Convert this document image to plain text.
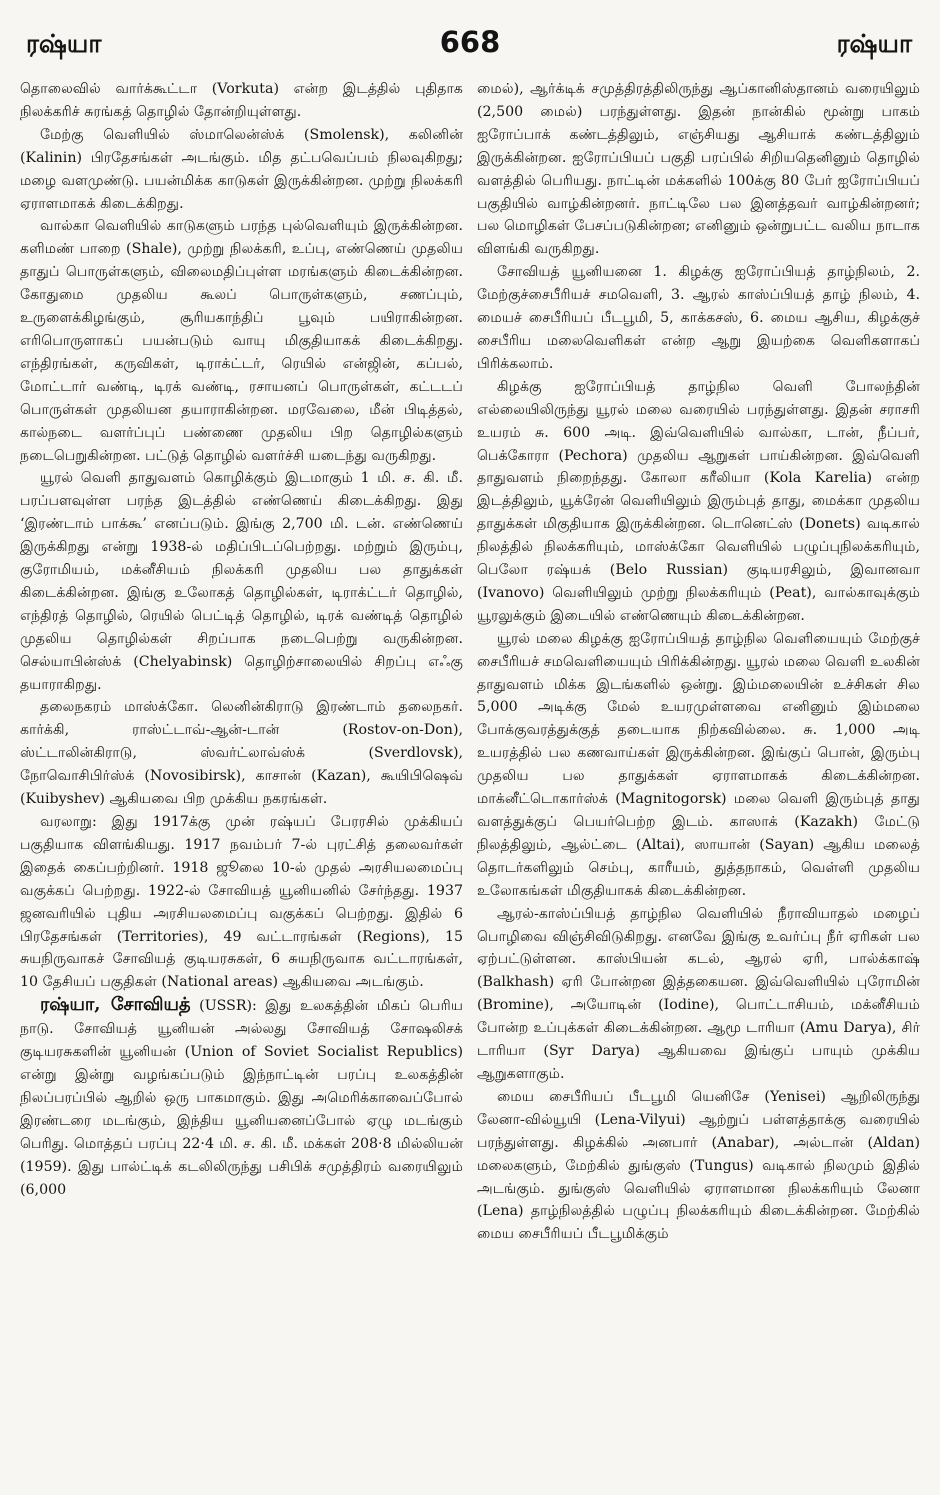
ரஷ்யா	668	ரஷ்யா

தொலைவில் வார்க்கூட்டா (Vorkuta) என்ற இடத்தில் புதிதாக நிலக்கரிச் சுரங்கத் தொழில் தோன்றியுள்ளது.

மேற்கு வெளியில் ஸ்மாலென்ஸ்க் (Smolensk), கலினின் (Kalinin) பிரதேசங்கள் அடங்கும். மித தட்பவெப்பம் நிலவுகிறது; மழை வளமுண்டு. பயன்மிக்க காடுகள் இருக்கின்றன. முற்று நிலக்கரி ஏராளமாகக் கிடைக்கிறது.

வால்கா வெளியில் காடுகளும் பரந்த புல்வெளியும் இருக்கின்றன. களிமண் பாறை (Shale), முற்று நிலக்கரி, உப்பு, எண்ணெய் முதலிய தாதுப் பொருள்களும், விலைமதிப்புள்ள மரங்களும் கிடைக்கின்றன. கோதுமை முதலிய கூலப் பொருள்களும், சணப்பும், உருளைக்கிழங்கும், சூரியகாந்திப் பூவும் பயிராகின்றன. எரிபொருளாகப் பயன்படும் வாயு மிகுதியாகக் கிடைக்கிறது. எந்திரங்கள், கருவிகள், டிராக்ட்டர், ரெயில் என்ஜின், கப்பல், மோட்டார் வண்டி, டிரக் வண்டி, ரசாயனப் பொருள்கள், கட்டடப் பொருள்கள் முதலியன தயாராகின்றன. மரவேலை, மீன் பிடித்தல், கால்நடை வளர்ப்புப் பண்ணை முதலிய பிற தொழில்களும் நடைபெறுகின்றன. பட்டுத் தொழில் வளர்ச்சி யடைந்து வருகிறது.

யூரல் வெளி தாதுவளம் கொழிக்கும் இடமாகும் 1 மி. ச. கி. மீ. பரப்பளவுள்ள பரந்த இடத்தில் எண்ணெய் கிடைக்கிறது. இது ‘இரண்டாம் பாக்கூ’ எனப்படும். இங்கு 2,700 மி. டன். எண்ணெய் இருக்கிறது என்று 1938-ல் மதிப்பிடப்பெற்றது. மற்றும் இரும்பு, குரோமியம், மக்னீசியம் நிலக்கரி முதலிய பல தாதுக்கள் கிடைக்கின்றன. இங்கு உலோகத் தொழில்கள், டிராக்ட்டர் தொழில், எந்திரத் தொழில், ரெயில் பெட்டித் தொழில், டிரக் வண்டித் தொழில் முதலிய தொழில்கள் சிறப்பாக நடைபெற்று வருகின்றன. செல்யாபின்ஸ்க் (Chelyabinsk) தொழிற்சாலையில் சிறப்பு எஃகு தயாராகிறது.

தலைநகரம் மாஸ்க்கோ. லெனின்கிராடு இரண்டாம் தலைநகர். கார்க்கி, ராஸ்ட்டாவ்-ஆன்-டான் (Rostov-on-Don), ஸ்ட்டாலின்கிராடு, ஸ்வர்ட்லாவ்ஸ்க் (Sverdlovsk), நோவொசிபிர்ஸ்க் (Novosibirsk), காசான் (Kazan), கூயிபிஷெவ் (Kuibyshev) ஆகியவை பிற முக்கிய நகரங்கள்.

வரலாறு: இது 1917க்கு முன் ரஷ்யப் பேரரசில் முக்கியப் பகுதியாக விளங்கியது. 1917 நவம்பர் 7-ல் புரட்சித் தலைவர்கள் இதைக் கைப்பற்றினர். 1918 ஜூலை 10-ல் முதல் அரசியலமைப்பு வகுக்கப் பெற்றது. 1922-ல் சோவியத் யூனியனில் சேர்ந்தது. 1937 ஜனவரியில் புதிய அரசியலமைப்பு வகுக்கப் பெற்றது. இதில் 6 பிரதேசங்கள் (Territories), 49 வட்டாரங்கள் (Regions), 15 சுயநிருவாகச் சோவியத் குடியரசுகள், 6 சுயநிருவாக வட்டாரங்கள், 10 தேசியப் பகுதிகள் (National areas) ஆகியவை அடங்கும்.

ரஷ்யா, சோவியத் (USSR): இது உலகத்தின் மிகப் பெரிய நாடு. சோவியத் யூனியன் அல்லது சோவியத் சோஷலிசக் குடியரசுகளின் யூனியன் (Union of Soviet Socialist Republics) என்று இன்று வழங்கப்படும் இந்நாட்டின் பரப்பு உலகத்தின் நிலப்பரப்பில் ஆறில் ஒரு பாகமாகும். இது அமெரிக்காவைப்போல் இரண்டரை மடங்கும், இந்திய யூனியனைப்போல் ஏழு மடங்கும் பெரிது. மொத்தப் பரப்பு 22·4 மி. ச. கி. மீ. மக்கள் 208·8 மில்லியன் (1959). இது பால்ட்டிக் கடலிலிருந்து பசிபிக் சமுத்திரம் வரையிலும் (6,000

மைல்), ஆர்க்டிக் சமுத்திரத்திலிருந்து ஆப்கானிஸ்தானம் வரையிலும் (2,500 மைல்) பரந்துள்ளது. இதன் நான்கில் மூன்று பாகம் ஐரோப்பாக் கண்டத்திலும், எஞ்சியது ஆசியாக் கண்டத்திலும் இருக்கின்றன. ஐரோப்பியப் பகுதி பரப்பில் சிறியதெனினும் தொழில் வளத்தில் பெரியது. நாட்டின் மக்களில் 100க்கு 80 பேர் ஐரோப்பியப் பகுதியில் வாழ்கின்றனர். நாட்டிலே பல இனத்தவர் வாழ்கின்றனர்; பல மொழிகள் பேசப்படுகின்றன; எனினும் ஒன்றுபட்ட வலிய நாடாக விளங்கி வருகிறது.

சோவியத் யூனியனை 1. கிழக்கு ஐரோப்பியத் தாழ்நிலம், 2. மேற்குச்சைபீரியச் சமவெளி, 3. ஆரல் காஸ்ப்பியத் தாழ் நிலம், 4. மையச் சைபீரியப் பீடபூமி, 5, காக்கசஸ், 6. மைய ஆசிய, கிழக்குச் சைபீரிய மலைவெளிகள் என்ற ஆறு இயற்கை வெளிகளாகப் பிரிக்கலாம்.

கிழக்கு ஐரோப்பியத் தாழ்நில வெளி போலந்தின் எல்லையிலிருந்து யூரல் மலை வரையில் பரந்துள்ளது. இதன் சராசரி உயரம் சு. 600 அடி. இவ்வெளியில் வால்கா, டான், நீப்பர், பெக்கோரா (Pechora) முதலிய ஆறுகள் பாய்கின்றன. இவ்வெளி தாதுவளம் நிறைந்தது. கோலா கரீலியா (Kola Karelia) என்ற இடத்திலும், யூக்ரேன் வெளியிலும் இரும்புத் தாது, மைக்கா முதலிய தாதுக்கள் மிகுதியாக இருக்கின்றன. டொனெட்ஸ் (Donets) வடிகால் நிலத்தில் நிலக்கரியும், மாஸ்க்கோ வெளியில் பழுப்புநிலக்கரியும், பெலோ ரஷ்யக் (Belo Russian) குடியரசிலும், இவானவா (Ivanovo) வெளியிலும் முற்று நிலக்கரியும் (Peat), வால்காவுக்கும் யூரலுக்கும் இடையில் எண்ணெயும் கிடைக்கின்றன.

யூரல் மலை கிழக்கு ஐரோப்பியத் தாழ்நில வெளியையும் மேற்குச் சைபீரியச் சமவெளியையும் பிரிக்கின்றது. யூரல் மலை வெளி உலகின் தாதுவளம் மிக்க இடங்களில் ஒன்று. இம்மலையின் உச்சிகள் சில 5,000 அடிக்கு மேல் உயரமுள்ளவை எனினும் இம்மலை போக்குவரத்துக்குத் தடையாக நிற்கவில்லை. சு. 1,000 அடி உயரத்தில் பல கணவாய்கள் இருக்கின்றன. இங்குப் பொன், இரும்பு முதலிய பல தாதுக்கள் ஏராளமாகக் கிடைக்கின்றன. மாக்னீட்டொகார்ஸ்க் (Magnitogorsk) மலை வெளி இரும்புத் தாது வளத்துக்குப் பெயர்பெற்ற இடம். காஸாக் (Kazakh) மேட்டு நிலத்திலும், ஆல்ட்டை (Altai), ஸாயான் (Sayan) ஆகிய மலைத் தொடர்களிலும் செம்பு, காரீயம், துத்தநாகம், வெள்ளி முதலிய உலோகங்கள் மிகுதியாகக் கிடைக்கின்றன.

ஆரல்-காஸ்ப்பியத் தாழ்நில வெளியில் நீராவியாதல் மழைப் பொழிவை விஞ்சிவிடுகிறது. எனவே இங்கு உவர்ப்பு நீர் ஏரிகள் பல ஏற்பட்டுள்ளன. காஸ்பியன் கடல், ஆரல் ஏரி, பால்க்காஷ் (Balkhash) ஏரி போன்றன இத்தகையன. இவ்வெளியில் புரோமின் (Bromine), அயோடின் (Iodine), பொட்டாசியம், மக்னீசியம் போன்ற உப்புக்கள் கிடைக்கின்றன. ஆமூ டாரியா (Amu Darya), சிர் டாரியா (Syr Darya) ஆகியவை இங்குப் பாயும் முக்கிய ஆறுகளாகும்.

மைய சைபீரியப் பீடபூமி யெனிசே (Yenisei) ஆறிலிருந்து லேனா-வில்யூயி (Lena-Vilyui) ஆற்றுப் பள்ளத்தாக்கு வரையில் பரந்துள்ளது. கிழக்கில் அனபார் (Anabar), அல்டான் (Aldan) மலைகளும், மேற்கில் துங்குஸ் (Tungus) வடிகால் நிலமும் இதில் அடங்கும். துங்குஸ் வெளியில் ஏராளமான நிலக்கரியும் லேனா (Lena) தாழ்நிலத்தில் பழுப்பு நிலக்கரியும் கிடைக்கின்றன. மேற்கில் மைய சைபீரியப் பீடபூமிக்கும்
